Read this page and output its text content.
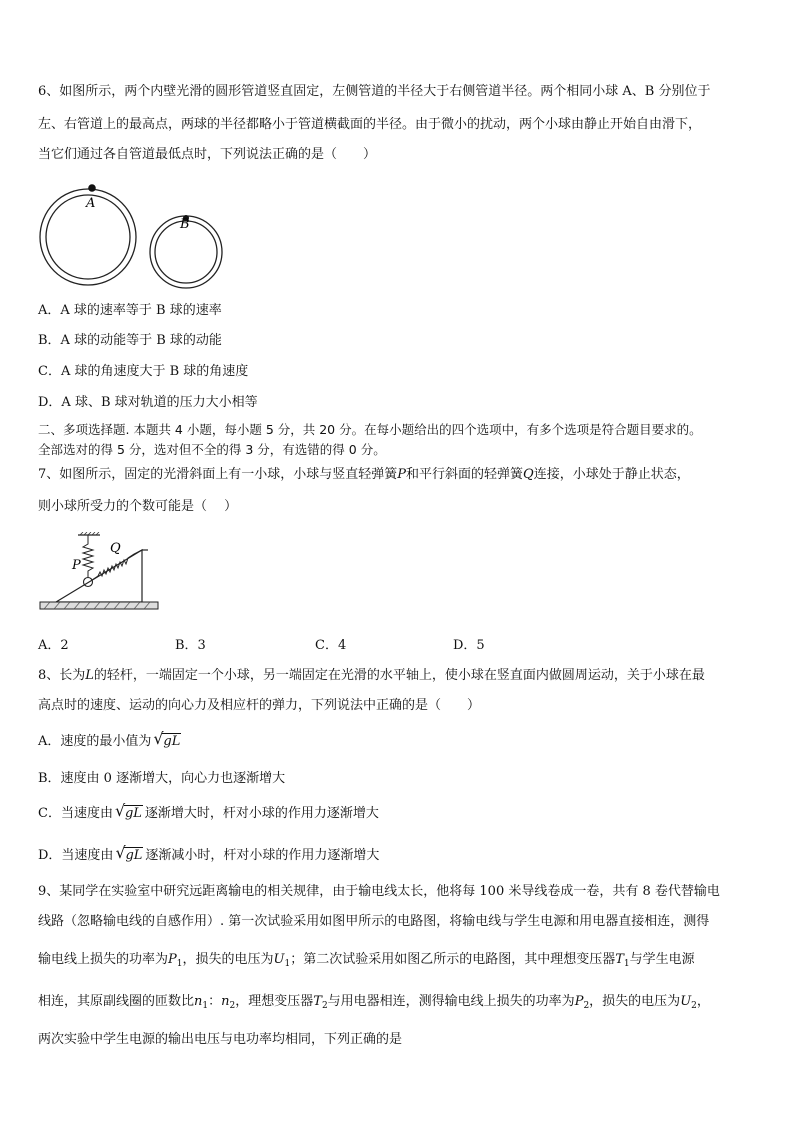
6、如图所示，两个内壁光滑的圆形管道竖直固定，左侧管道的半径大于右侧管道半径。两个相同小球 A、B 分别位于
左、右管道上的最高点，两球的半径都略小于管道横截面的半径。由于微小的扰动，两个小球由静止开始自由滑下，
当它们通过各自管道最低点时，下列说法正确的是（　　）
A
B
A．A 球的速率等于 B 球的速率
B．A 球的动能等于 B 球的动能
C．A 球的角速度大于 B 球的角速度
D．A 球、B 球对轨道的压力大小相等
二、多项选择题. 本题共 4 小题，每小题 5 分，共 20 分。在每小题给出的四个选项中，有多个选项是符合题目要求的。
全部选对的得 5 分，选对但不全的得 3 分，有选错的得 0 分。
7、如图所示，固定的光滑斜面上有一小球，小球与竖直轻弹簧P和平行斜面的轻弹簧Q连接，小球处于静止状态，
则小球所受力的个数可能是（　 ）
P
Q
A．2	B．3	C．4	D．5
8、长为L的轻杆，一端固定一个小球，另一端固定在光滑的水平轴上，使小球在竖直面内做圆周运动，关于小球在最
高点时的速度、运动的向心力及相应杆的弹力，下列说法中正确的是（　　）
A．速度的最小值为 √ gL
B．速度由 0 逐渐增大，向心力也逐渐增大
C．当速度由 √ gL 逐渐增大时，杆对小球的作用力逐渐增大
D．当速度由 √ gL 逐渐减小时，杆对小球的作用力逐渐增大
9、某同学在实验室中研究远距离输电的相关规律，由于输电线太长，他将每 100 米导线卷成一卷，共有 8 卷代替输电
线路（忽略输电线的自感作用）. 第一次试验采用如图甲所示的电路图，将输电线与学生电源和用电器直接相连，测得
输电线上损失的功率为$P_1$，损失的电压为$U_1$；第二次试验采用如图乙所示的电路图，其中理想变压器$T_1$与学生电源
相连，其原副线圈的匝数比$n_1$：$n_2$，理想变压器$T_2$与用电器相连，测得输电线上损失的功率为$P_2$，损失的电压为$U_2$，
两次实验中学生电源的输出电压与电功率均相同，下列正确的是
